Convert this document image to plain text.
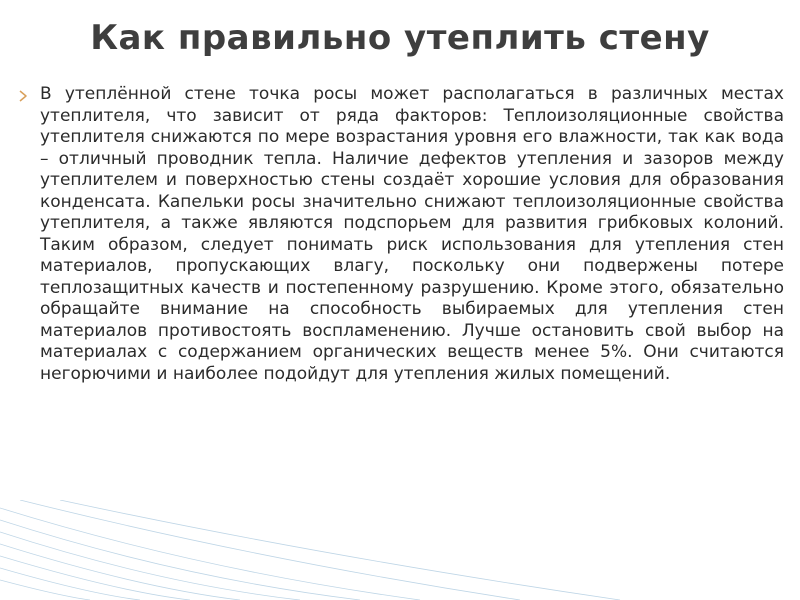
Как правильно утеплить стену

В утеплённой стене точка росы может располагаться в различных местах утеплителя, что зависит от ряда факторов: Теплоизоляционные свойства утеплителя снижаются по мере возрастания уровня его влажности, так как вода – отличный проводник тепла. Наличие дефектов утепления и зазоров между утеплителем и поверхностью стены создаёт хорошие условия для образования конденсата. Капельки росы значительно снижают теплоизоляционные свойства утеплителя, а также являются подспорьем для развития грибковых колоний. Таким образом, следует понимать риск использования для утепления стен материалов, пропускающих влагу, поскольку они подвержены потере теплозащитных качеств и постепенному разрушению. Кроме этого, обязательно обращайте внимание на способность выбираемых для утепления стен материалов противостоять воспламенению. Лучше остановить свой выбор на материалах с содержанием органических веществ менее 5%. Они считаются негорючими и наиболее подойдут для утепления жилых помещений.
